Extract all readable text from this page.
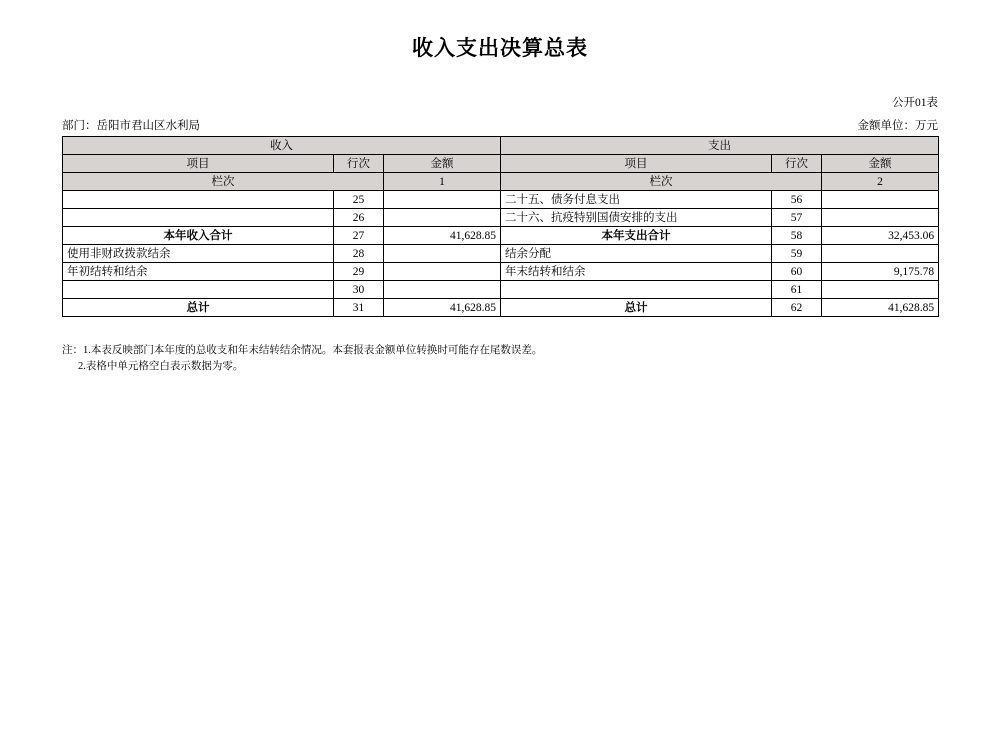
收入支出决算总表
公开01表
部门：岳阳市君山区水利局	金额单位：万元
收入			支出		
项目	行次	金额	项目	行次	金额
栏次		1	栏次		2
	25		二十五、债务付息支出	56	
	26		二十六、抗疫特别国债安排的支出	57	
本年收入合计	27	41,628.85	本年支出合计	58	32,453.06
使用非财政拨款结余	28		结余分配	59	
年初结转和结余	29		年末结转和结余	60	9,175.78
	30			61	
总计	31	41,628.85	总计	62	41,628.85
注：1.本表反映部门本年度的总收支和年末结转结余情况。本套报表金额单位转换时可能存在尾数误差。
2.表格中单元格空白表示数据为零。
